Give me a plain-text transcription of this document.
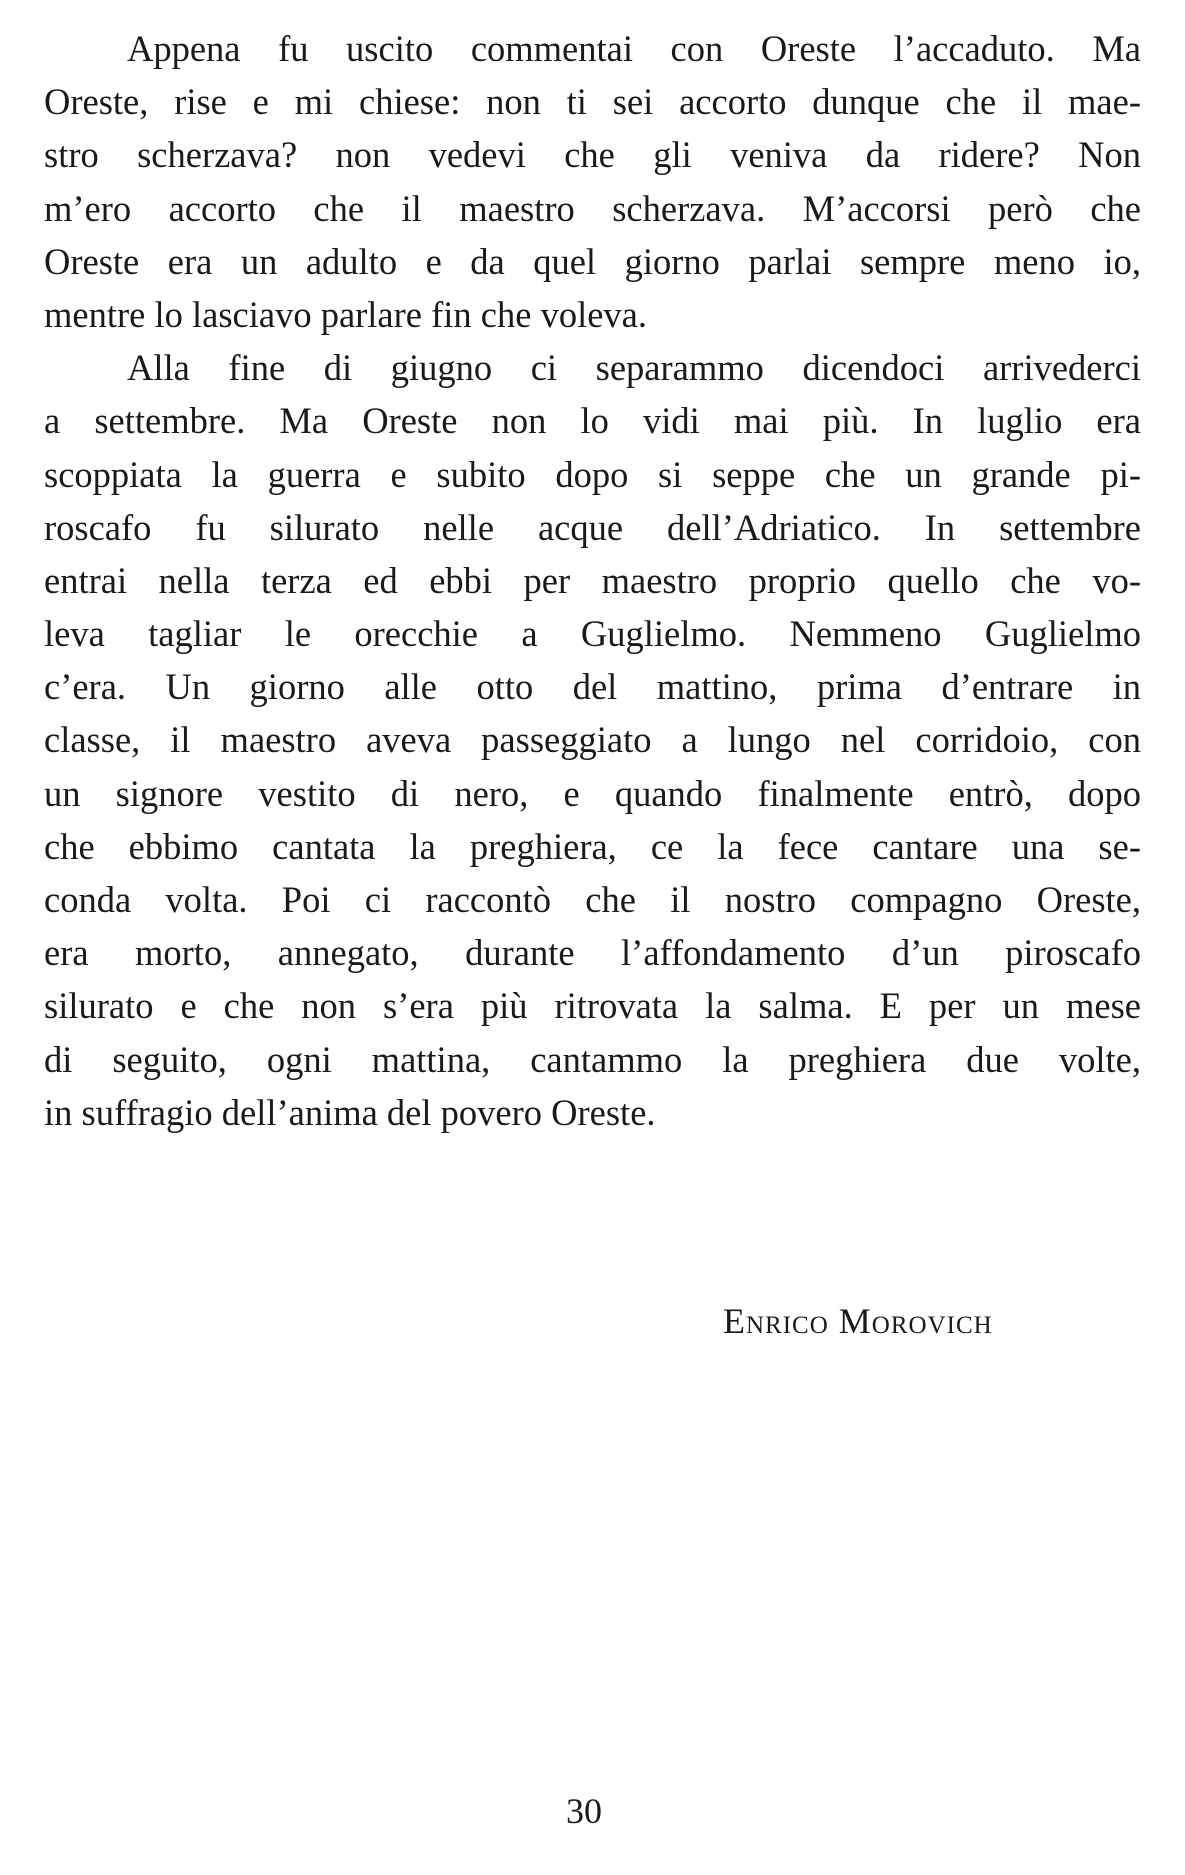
Appena fu uscito commentai con Oreste l’accaduto. Ma
Oreste, rise e mi chiese: non ti sei accorto dunque che il mae-
stro scherzava? non vedevi che gli veniva da ridere? Non
m’ero accorto che il maestro scherzava. M’accorsi però che
Oreste era un adulto e da quel giorno parlai sempre meno io,
mentre lo lasciavo parlare fin che voleva.
Alla fine di giugno ci separammo dicendoci arrivederci
a settembre. Ma Oreste non lo vidi mai più. In luglio era
scoppiata la guerra e subito dopo si seppe che un grande pi-
roscafo fu silurato nelle acque dell’Adriatico. In settembre
entrai nella terza ed ebbi per maestro proprio quello che vo-
leva tagliar le orecchie a Guglielmo. Nemmeno Guglielmo
c’era. Un giorno alle otto del mattino, prima d’entrare in
classe, il maestro aveva passeggiato a lungo nel corridoio, con
un signore vestito di nero, e quando finalmente entrò, dopo
che ebbimo cantata la preghiera, ce la fece cantare una se-
conda volta. Poi ci raccontò che il nostro compagno Oreste,
era morto, annegato, durante l’affondamento d’un piroscafo
silurato e che non s’era più ritrovata la salma. E per un mese
di seguito, ogni mattina, cantammo la preghiera due volte,
in suffragio dell’anima del povero Oreste.
Enrico Morovich
30
